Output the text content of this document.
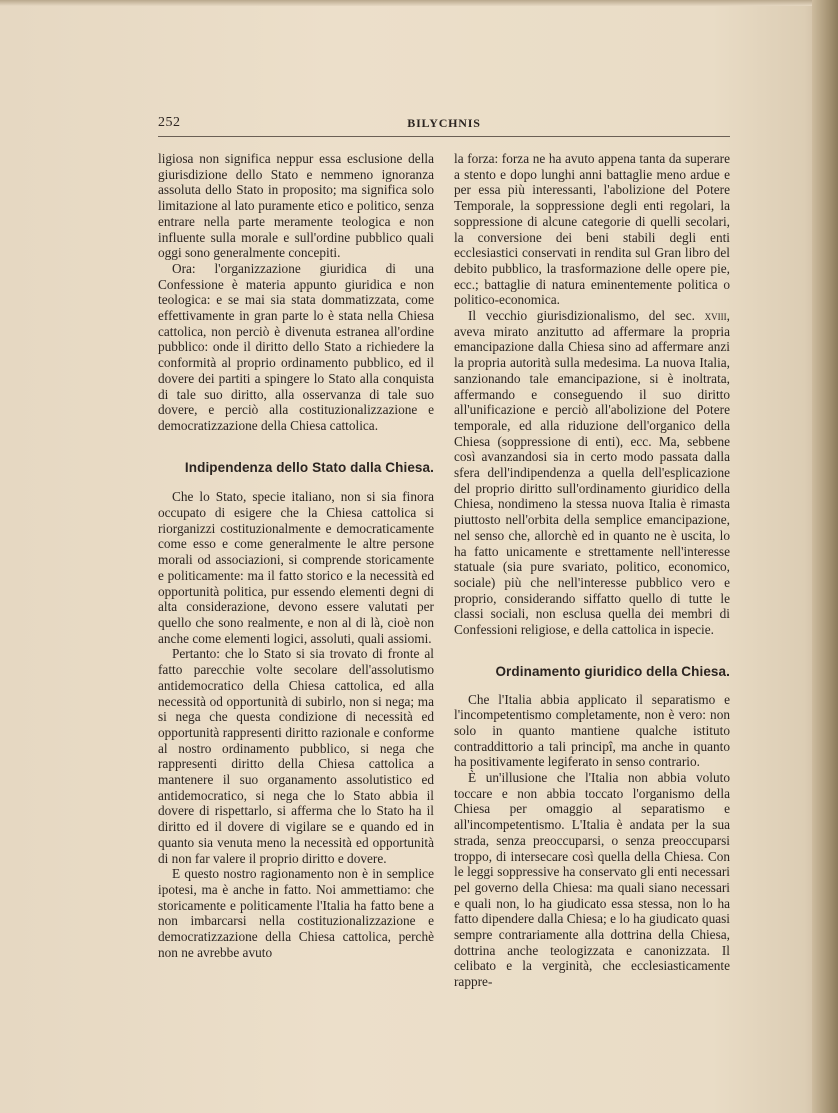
252	BILYCHNIS

ligiosa non significa neppur essa esclusione della giurisdizione dello Stato e nemmeno ignoranza assoluta dello Stato in proposito; ma significa solo limitazione al lato puramente etico e politico, senza entrare nella parte meramente teologica e non influente sulla morale e sull'ordine pubblico quali oggi sono generalmente concepiti.

Ora: l'organizzazione giuridica di una Confessione è materia appunto giuridica e non teologica: e se mai sia stata dommatizzata, come effettivamente in gran parte lo è stata nella Chiesa cattolica, non perciò è divenuta estranea all'ordine pubblico: onde il diritto dello Stato a richiedere la conformità al proprio ordinamento pubblico, ed il dovere dei partiti a spingere lo Stato alla conquista di tale suo diritto, alla osservanza di tale suo dovere, e perciò alla costituzionalizzazione e democratizzazione della Chiesa cattolica.

Indipendenza dello Stato dalla Chiesa.

Che lo Stato, specie italiano, non si sia finora occupato di esigere che la Chiesa cattolica si riorganizzi costituzionalmente e democraticamente come esso e come generalmente le altre persone morali od associazioni, si comprende storicamente e politicamente: ma il fatto storico e la necessità ed opportunità politica, pur essendo elementi degni di alta considerazione, devono essere valutati per quello che sono realmente, e non al di là, cioè non anche come elementi logici, assoluti, quali assiomi.

Pertanto: che lo Stato si sia trovato di fronte al fatto parecchie volte secolare dell'assolutismo antidemocratico della Chiesa cattolica, ed alla necessità od opportunità di subirlo, non si nega; ma si nega che questa condizione di necessità ed opportunità rappresenti diritto razionale e conforme al nostro ordinamento pubblico, si nega che rappresenti diritto della Chiesa cattolica a mantenere il suo organamento assolutistico ed antidemocratico, si nega che lo Stato abbia il dovere di rispettarlo, si afferma che lo Stato ha il diritto ed il dovere di vigilare se e quando ed in quanto sia venuta meno la necessità ed opportunità di non far valere il proprio diritto e dovere.

E questo nostro ragionamento non è in semplice ipotesi, ma è anche in fatto. Noi ammettiamo: che storicamente e politicamente l'Italia ha fatto bene a non imbarcarsi nella costituzionalizzazione e democratizzazione della Chiesa cattolica, perchè non ne avrebbe avuto

la forza: forza ne ha avuto appena tanta da superare a stento e dopo lunghi anni battaglie meno ardue e per essa più interessanti, l'abolizione del Potere Temporale, la soppressione degli enti regolari, la soppressione di alcune categorie di quelli secolari, la conversione dei beni stabili degli enti ecclesiastici conservati in rendita sul Gran libro del debito pubblico, la trasformazione delle opere pie, ecc.; battaglie di natura eminentemente politica o politico-economica.

Il vecchio giurisdizionalismo, del sec. xviii, aveva mirato anzitutto ad affermare la propria emancipazione dalla Chiesa sino ad affermare anzi la propria autorità sulla medesima. La nuova Italia, sanzionando tale emancipazione, si è inoltrata, affermando e conseguendo il suo diritto all'unificazione e perciò all'abolizione del Potere temporale, ed alla riduzione dell'organico della Chiesa (soppressione di enti), ecc. Ma, sebbene così avanzandosi sia in certo modo passata dalla sfera dell'indipendenza a quella dell'esplicazione del proprio diritto sull'ordinamento giuridico della Chiesa, nondimeno la stessa nuova Italia è rimasta piuttosto nell'orbita della semplice emancipazione, nel senso che, allorchè ed in quanto ne è uscita, lo ha fatto unicamente e strettamente nell'interesse statuale (sia pure svariato, politico, economico, sociale) più che nell'interesse pubblico vero e proprio, considerando siffatto quello di tutte le classi sociali, non esclusa quella dei membri di Confessioni religiose, e della cattolica in ispecie.

Ordinamento giuridico della Chiesa.

Che l'Italia abbia applicato il separatismo e l'incompetentismo completamente, non è vero: non solo in quanto mantiene qualche istituto contraddittorio a tali principî, ma anche in quanto ha positivamente legiferato in senso contrario.

È un'illusione che l'Italia non abbia voluto toccare e non abbia toccato l'organismo della Chiesa per omaggio al separatismo e all'incompetentismo. L'Italia è andata per la sua strada, senza preoccuparsi, o senza preoccuparsi troppo, di intersecare così quella della Chiesa. Con le leggi soppressive ha conservato gli enti necessari pel governo della Chiesa: ma quali siano necessari e quali non, lo ha giudicato essa stessa, non lo ha fatto dipendere dalla Chiesa; e lo ha giudicato quasi sempre contrariamente alla dottrina della Chiesa, dottrina anche teologizzata e canonizzata. Il celibato e la verginità, che ecclesiasticamente rappre-
